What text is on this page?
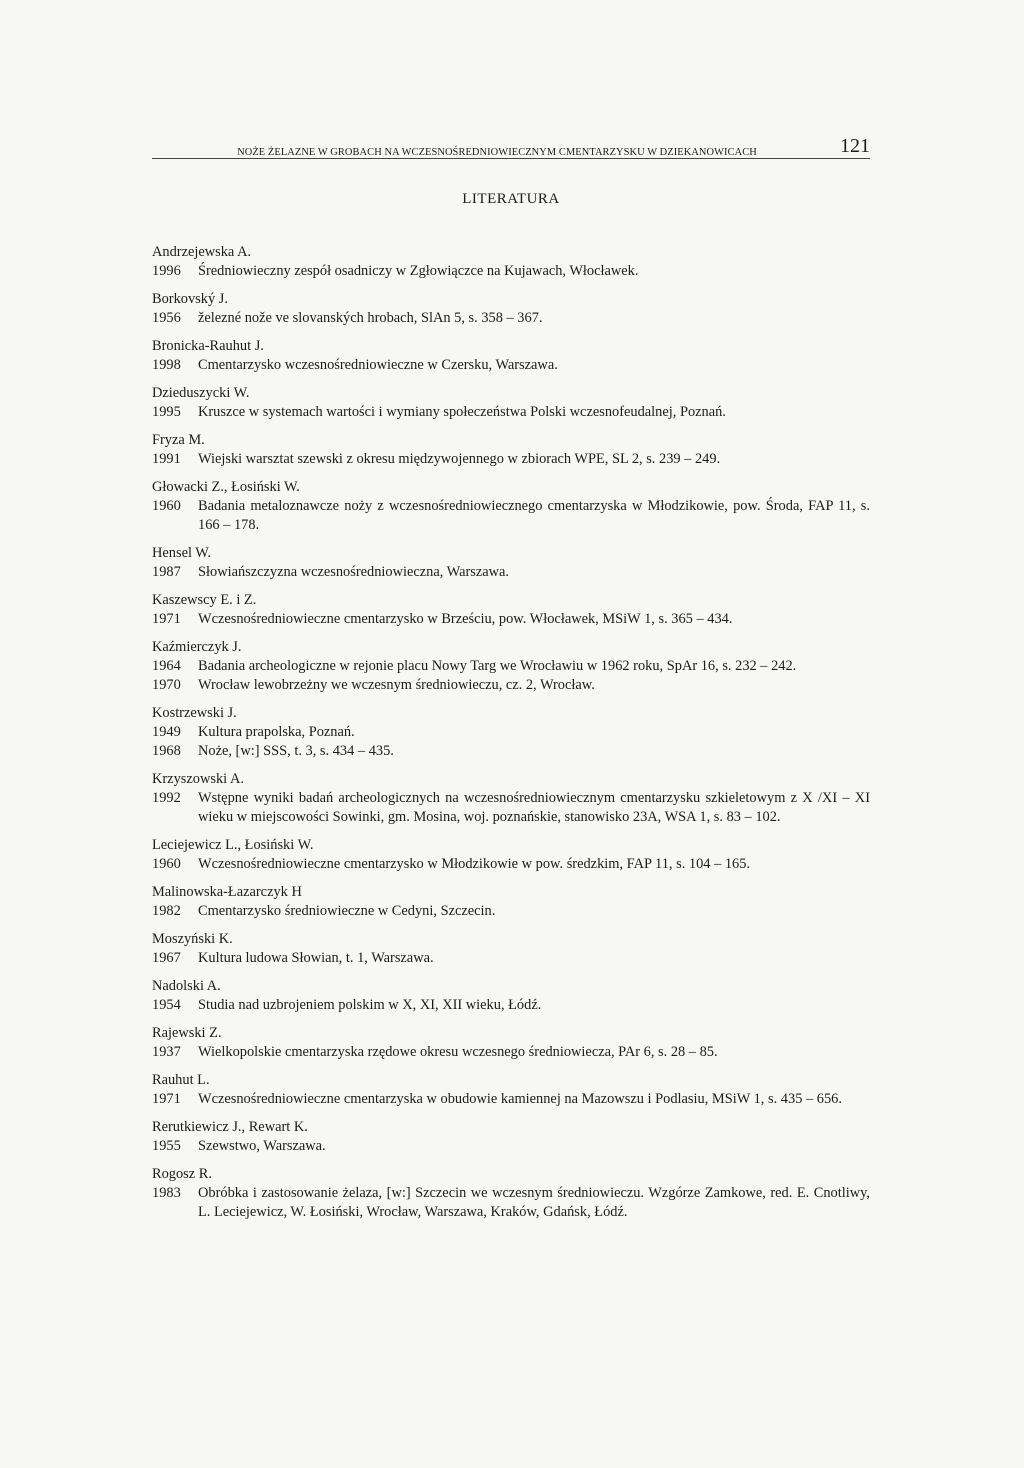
NOŻE ŻELAZNE W GROBACH NA WCZESNOŚREDNIOWIECZNYM CMENTARZYSKU W DZIEKANOWICACH	121
LITERATURA
Andrzejewska A.
1996	Średniowieczny zespół osadniczy w Zgłowiączce na Kujawach, Włocławek.
Borkovský J.
1956	železné nože ve slovanských hrobach, SlAn 5, s. 358 – 367.
Bronicka-Rauhut J.
1998	Cmentarzysko wczesnośredniowieczne w Czersku, Warszawa.
Dzieduszycki W.
1995	Kruszce w systemach wartości i wymiany społeczeństwa Polski wczesnofeudalnej, Poznań.
Fryza M.
1991	Wiejski warsztat szewski z okresu międzywojennego w zbiorach WPE, SL 2, s. 239 – 249.
Głowacki Z., Łosiński W.
1960	Badania metaloznawcze noży z wczesnośredniowiecznego cmentarzyska w Młodzikowie, pow. Środa, FAP 11, s. 166 – 178.
Hensel W.
1987	Słowiańszczyzna wczesnośredniowieczna, Warszawa.
Kaszewscy E. i Z.
1971	Wczesnośredniowieczne cmentarzysko w Brześciu, pow. Włocławek, MSiW 1, s. 365 – 434.
Kaźmierczyk J.
1964	Badania archeologiczne w rejonie placu Nowy Targ we Wrocławiu w 1962 roku, SpAr 16, s. 232 – 242.
1970	Wrocław lewobrzeżny we wczesnym średniowieczu, cz. 2, Wrocław.
Kostrzewski J.
1949	Kultura prapolska, Poznań.
1968	Noże, [w:] SSS, t. 3, s. 434 – 435.
Krzyszowski A.
1992	Wstępne wyniki badań archeologicznych na wczesnośredniowiecznym cmentarzysku szkieletowym z X /XI – XI wieku w miejscowości Sowinki, gm. Mosina, woj. poznańskie, stanowisko 23A, WSA 1, s. 83 – 102.
Leciejewicz L., Łosiński W.
1960	Wczesnośredniowieczne cmentarzysko w Młodzikowie w pow. średzkim, FAP 11, s. 104 – 165.
Malinowska-Łazarczyk H
1982	Cmentarzysko średniowieczne w Cedyni, Szczecin.
Moszyński K.
1967	Kultura ludowa Słowian, t. 1, Warszawa.
Nadolski A.
1954	Studia nad uzbrojeniem polskim w X, XI, XII wieku, Łódź.
Rajewski Z.
1937	Wielkopolskie cmentarzyska rzędowe okresu wczesnego średniowiecza, PAr 6, s. 28 – 85.
Rauhut L.
1971	Wczesnośredniowieczne cmentarzyska w obudowie kamiennej na Mazowszu i Podlasiu, MSiW 1, s. 435 – 656.
Rerutkiewicz J., Rewart K.
1955	Szewstwo, Warszawa.
Rogosz R.
1983	Obróbka i zastosowanie żelaza, [w:] Szczecin we wczesnym średniowieczu. Wzgórze Zamkowe, red. E. Cnotliwy, L. Leciejewicz, W. Łosiński, Wrocław, Warszawa, Kraków, Gdańsk, Łódź.
